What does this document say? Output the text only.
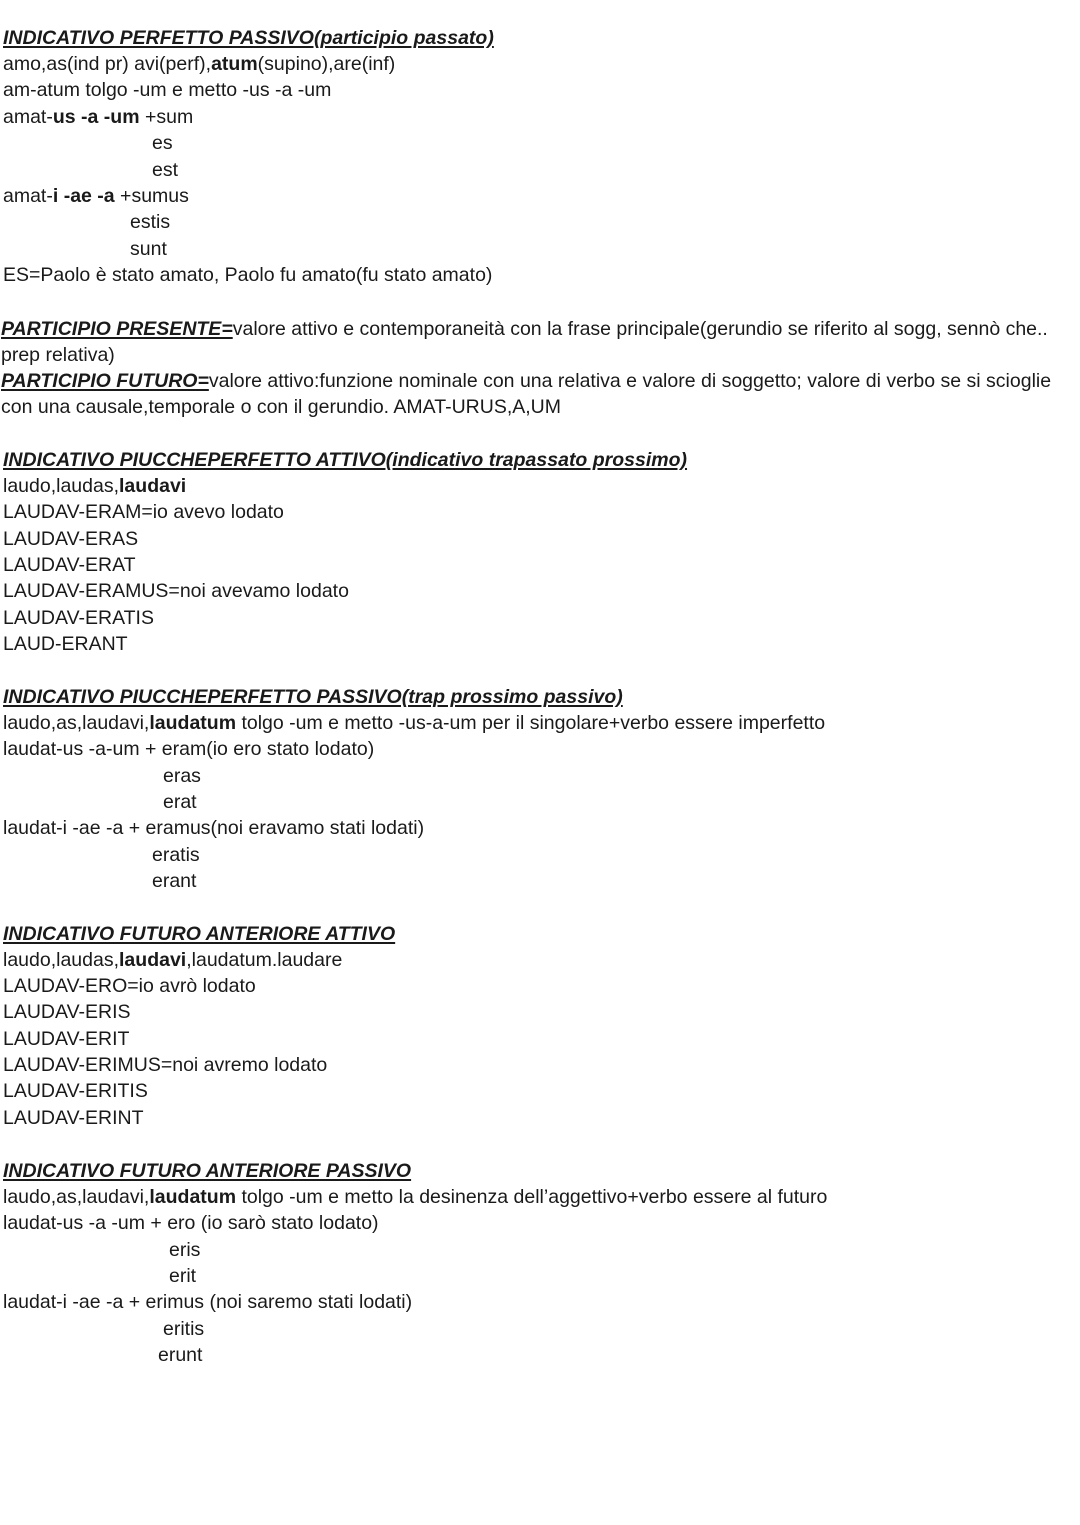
INDICATIVO PERFETTO PASSIVO(participio passato)
amo,as(ind pr) avi(perf),atum(supino),are(inf)
am-atum tolgo -um e metto -us -a -um
amat-us -a -um +sum
es
est
amat-i -ae -a +sumus
estis
sunt
ES=Paolo è stato amato, Paolo fu amato(fu stato amato)
PARTICIPIO PRESENTE=valore attivo e contemporaneità con la frase principale(gerundio se riferito al sogg, sennò che.. prep relativa)
PARTICIPIO FUTURO=valore attivo:funzione nominale con una relativa e valore di soggetto; valore di verbo se si scioglie con una causale,temporale o con il gerundio. AMAT-URUS,A,UM
INDICATIVO PIUCCHEPERFETTO ATTIVO(indicativo trapassato prossimo)
laudo,laudas,laudavi
LAUDAV-ERAM=io avevo lodato
LAUDAV-ERAS
LAUDAV-ERAT
LAUDAV-ERAMUS=noi avevamo lodato
LAUDAV-ERATIS
LAUD-ERANT
INDICATIVO PIUCCHEPERFETTO PASSIVO(trap prossimo passivo)
laudo,as,laudavi,laudatum tolgo -um e metto -us-a-um per il singolare+verbo essere imperfetto
laudat-us -a-um + eram(io ero stato lodato)
eras
erat
laudat-i -ae -a + eramus(noi eravamo stati lodati)
eratis
erant
INDICATIVO FUTURO ANTERIORE ATTIVO
laudo,laudas,laudavi,laudatum.laudare
LAUDAV-ERO=io avrò lodato
LAUDAV-ERIS
LAUDAV-ERIT
LAUDAV-ERIMUS=noi avremo lodato
LAUDAV-ERITIS
LAUDAV-ERINT
INDICATIVO FUTURO ANTERIORE PASSIVO
laudo,as,laudavi,laudatum tolgo -um e metto la desinenza dell’aggettivo+verbo essere al futuro
laudat-us -a -um + ero (io sarò stato lodato)
eris
erit
laudat-i -ae -a + erimus (noi saremo stati lodati)
eritis
erunt
